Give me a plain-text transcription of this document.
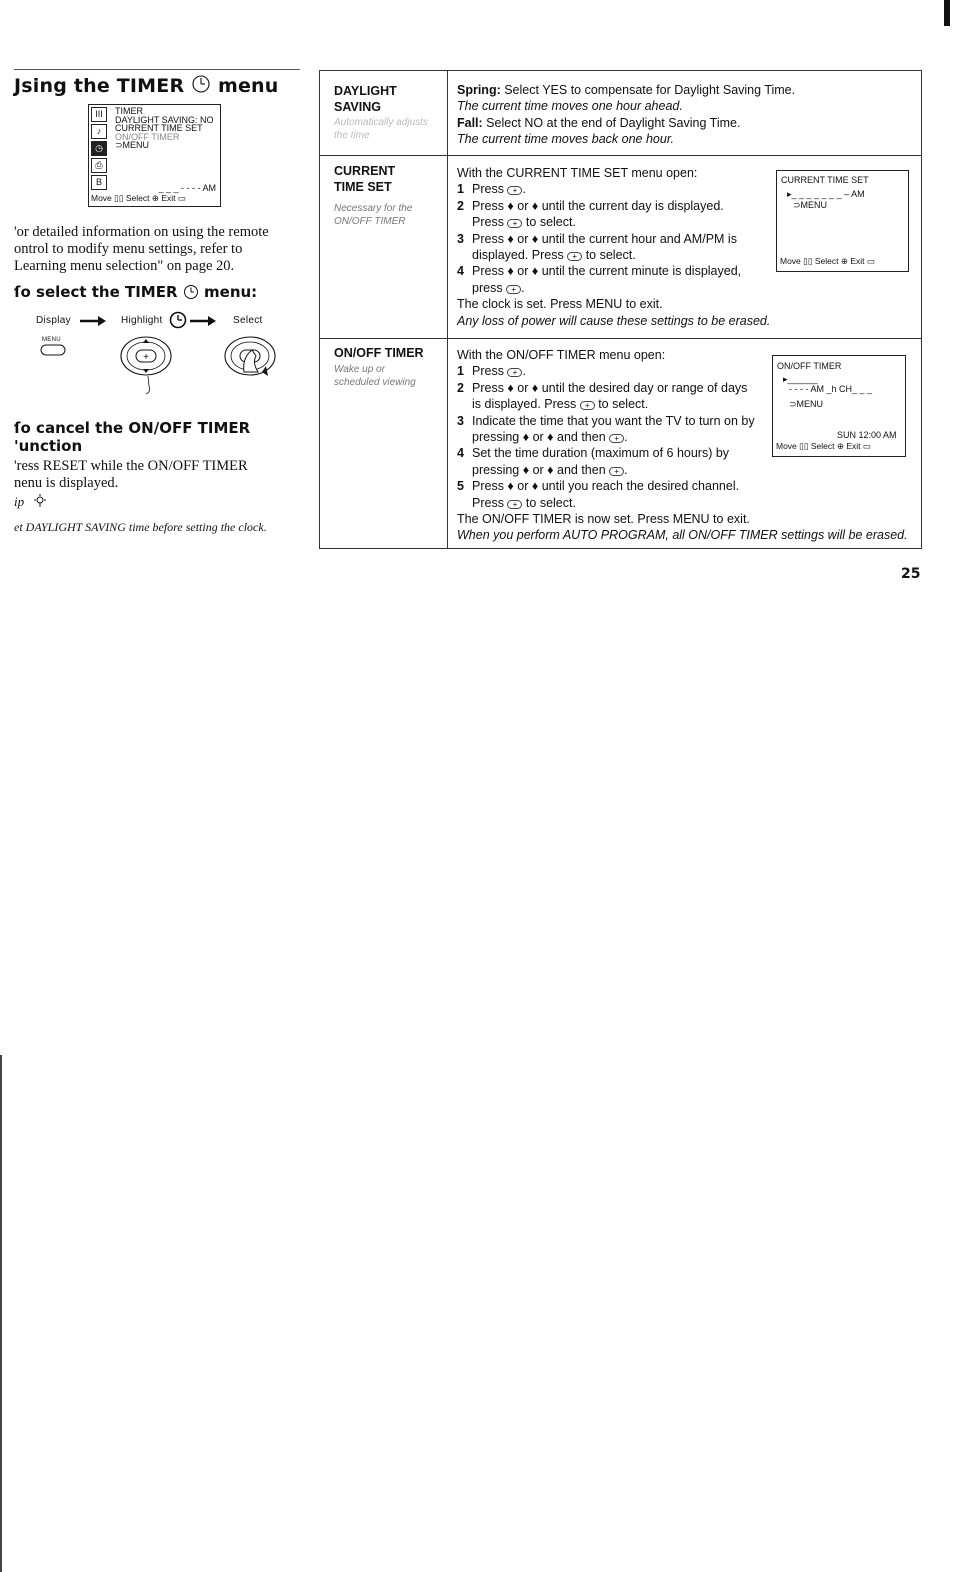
Jsing the TIMER menu
III
♪
◷
⎙
B
TIMER
DAYLIGHT SAVING: NO
CURRENT TIME SET
ON/OFF TIMER
⊃MENU
_ _ _ - - - - AM
Move ▯▯ Select ⊕ Exit ▭
'or detailed information on using the remote
ontrol to modify menu settings, refer to
Learning menu selection" on page 20.
ſo select the TIMER menu:
Display	Highlight	Select
MENU
+
ſo cancel the ON/OFF TIMER
'unction
'ress RESET while the ON/OFF TIMER
nenu is displayed.
ip
et DAYLIGHT SAVING time before setting the clock.
DAYLIGHT
SAVING
Automatically adjusts
the time
Spring: Select YES to compensate for Daylight Saving Time.
The current time moves one hour ahead.
Fall: Select NO at the end of Daylight Saving Time.
The current time moves back one hour.
CURRENT
TIME SET
Necessary for the
ON/OFF TIMER
With the CURRENT TIME SET menu open:
1 Press + .
2 Press ♦ or ♦ until the current day is displayed.
Press + to select.
3 Press ♦ or ♦ until the current hour and AM/PM is
displayed. Press + to select.
4 Press ♦ or ♦ until the current minute is displayed,
press + .
The clock is set. Press MENU to exit.
Any loss of power will cause these settings to be erased.
ON/OFF TIMER
Wake up or
scheduled viewing
With the ON/OFF TIMER menu open:
1 Press + .
2 Press ♦ or ♦ until the desired day or range of days
is displayed. Press + to select.
3 Indicate the time that you want the TV to turn on by
pressing ♦ or ♦ and then + .
4 Set the time duration (maximum of 6 hours) by
pressing ♦ or ♦ and then + .
5 Press ♦ or ♦ until you reach the desired channel.
Press + to select.
The ON/OFF TIMER is now set. Press MENU to exit.
When you perform AUTO PROGRAM, all ON/OFF TIMER settings will be erased.
CURRENT TIME SET
▸_ _ _ _ _ _ _ – AM
⊃MENU
Move ▯▯ Select ⊕ Exit ▭
ON/OFF TIMER
▸______
- - - - AM _h CH_ _ _
⊃MENU
SUN 12:00 AM
Move ▯▯ Select ⊕ Exit ▭
25
